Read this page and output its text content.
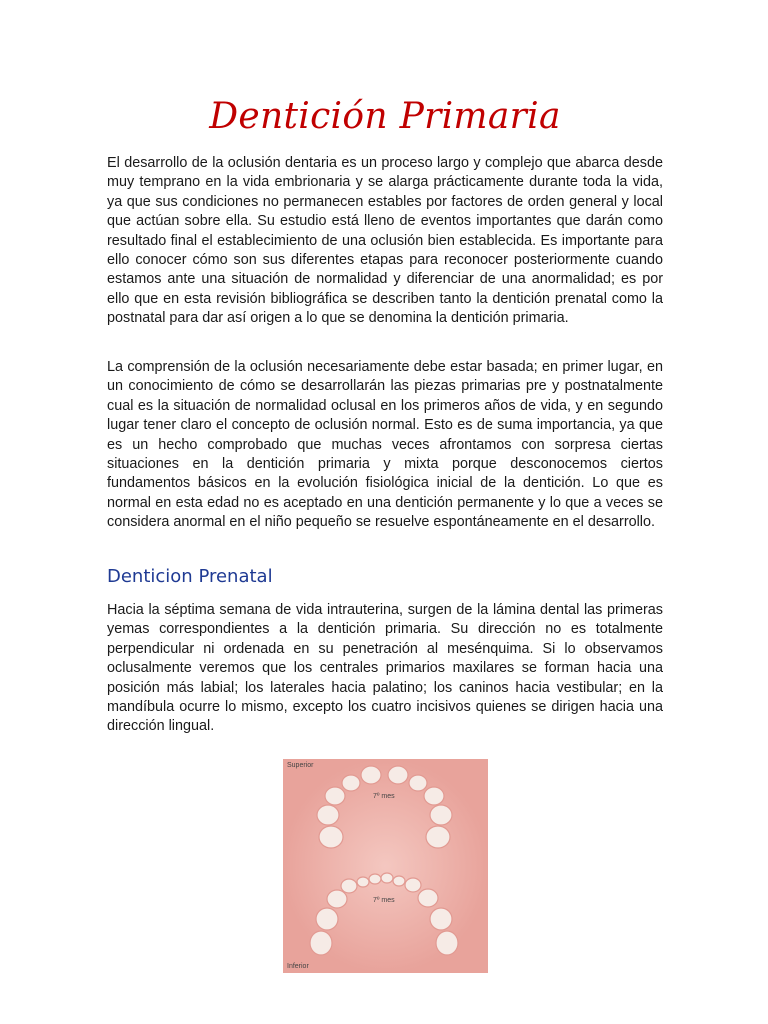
Dentición Primaria

El desarrollo de la oclusión dentaria es un proceso largo y complejo que abarca desde muy temprano en la vida embrionaria y se alarga prácticamente durante toda la vida, ya que sus condiciones no permanecen estables por factores de orden general y local que actúan sobre ella. Su estudio está lleno de eventos importantes que darán como resultado final el establecimiento de una oclusión bien establecida. Es importante para ello conocer cómo son sus diferentes etapas para reconocer posteriormente cuando estamos ante una situación de normalidad y diferenciar de una anormalidad; es por ello que en esta revisión bibliográfica se describen tanto la dentición prenatal como la postnatal para dar así origen a lo que se denomina la dentición primaria.

La comprensión de la oclusión necesariamente debe estar basada; en primer lugar, en un conocimiento de cómo se desarrollarán las piezas primarias pre y postnatalmente cual es la situación de normalidad oclusal en los primeros años de vida, y en segundo lugar tener claro el concepto de oclusión normal. Esto es de suma importancia, ya que es un hecho comprobado que muchas veces afrontamos con sorpresa ciertas situaciones en la dentición primaria y mixta porque desconocemos ciertos fundamentos básicos en la evolución fisiológica inicial de la dentición. Lo que es normal en esta edad no es aceptado en una dentición permanente y lo que a veces se considera anormal en el niño pequeño se resuelve espontáneamente en el desarrollo.

Denticion Prenatal

Hacia la séptima semana de vida intrauterina, surgen de la lámina dental las primeras yemas correspondientes a la dentición primaria. Su dirección no es totalmente perpendicular ni ordenada en su penetración al mesénquima. Si lo observamos oclusalmente veremos que los centrales primarios maxilares se forman hacia una posición más labial; los laterales hacia palatino; los caninos hacia vestibular; en la mandíbula ocurre lo mismo, excepto los cuatro incisivos quienes se dirigen hacia una dirección lingual.

Superior
7º mes
7º mes
Inferior
